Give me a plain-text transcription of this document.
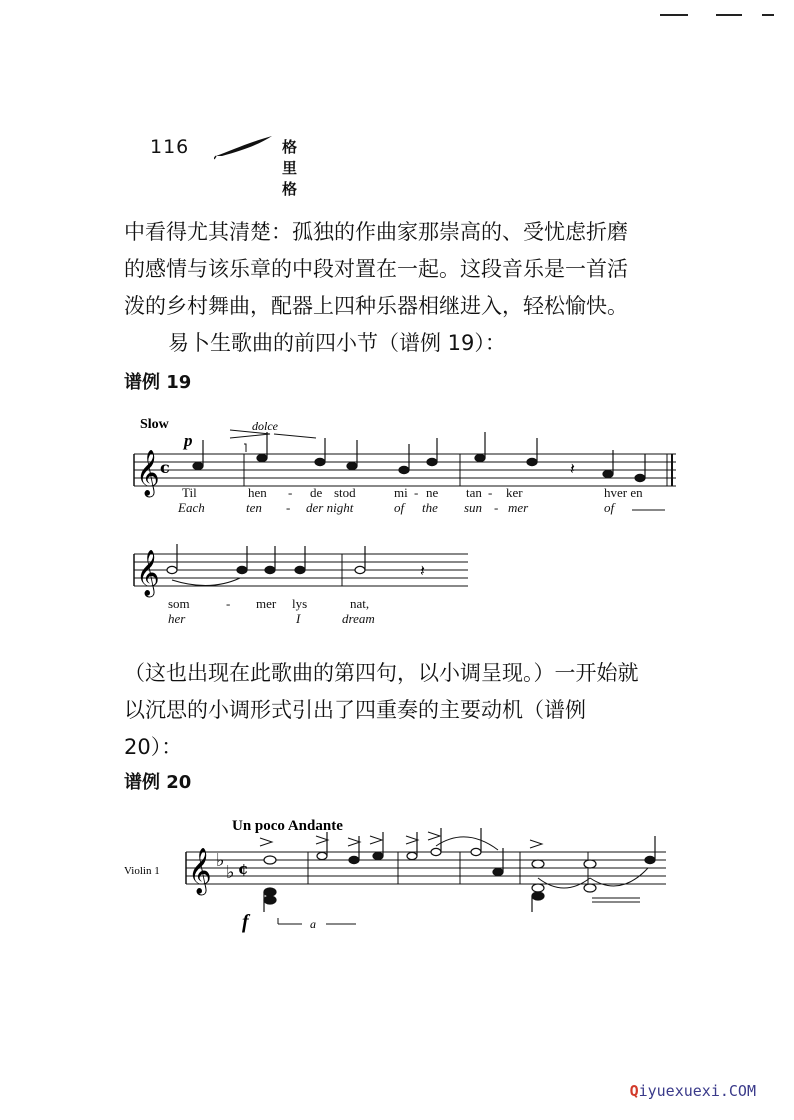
116	格里格

中看得尤其清楚：孤独的作曲家那崇高的、受忧虑折磨

的感情与该乐章的中段对置在一起。这段音乐是一首活

泼的乡村舞曲，配器上四种乐器相继进入，轻松愉快。

易卜生歌曲的前四小节（谱例 19）：

谱例 19
𝄞 c	𝄽
Slow
p
dolce
Til	hen - de stod	mi - ne tan - ker	hver en
Each	ten - der night	of the sun - mer	of
𝄞	𝄽
som	- mer lys	nat,
her	I	dream

（这也出现在此歌曲的第四句，以小调呈现。）一开始就

以沉思的小调形式引出了四重奏的主要动机（谱例

20）：

谱例 20
Un poco Andante
Violin 1 𝄞 ♭
♭ ¢
f	a
Qiyuexuexi.COM
